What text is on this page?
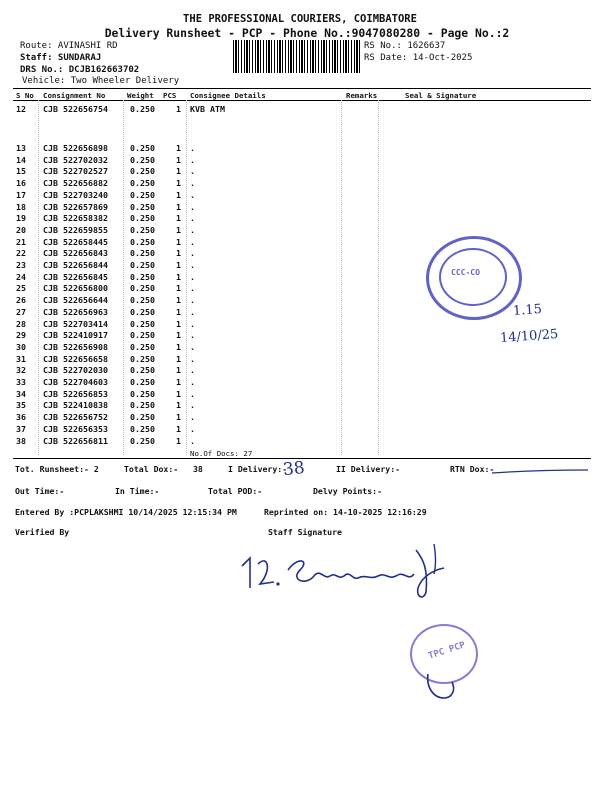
THE PROFESSIONAL COURIERS, COIMBATORE
Delivery Runsheet - PCP - Phone No.:9047080280 - Page No.:2
Route: AVINASHI RD
Staff: SUNDARAJ
DRS No.: DCJB162663702
Vehicle: Two Wheeler Delivery
RS No.: 1626637
RS Date: 14-Oct-2025
S No Consignment No	Weight PCS Consignee Details	Remarks	Seal & Signature
12 CJB 522656754	0.250	1 KVB ATM
13 CJB 522656898	0.250	1 .
14 CJB 522702032	0.250	1 .
15 CJB 522702527	0.250	1 .
16 CJB 522656882	0.250	1 .
17 CJB 522703240	0.250	1 .
18 CJB 522657869	0.250	1 .
19 CJB 522658382	0.250	1 .
20 CJB 522659855	0.250	1 .
21 CJB 522658445	0.250	1 .
22 CJB 522656843	0.250	1 .
23 CJB 522656844	0.250	1 .
24 CJB 522656845	0.250	1 .
25 CJB 522656800	0.250	1 .
26 CJB 522656644	0.250	1 .
27 CJB 522656963	0.250	1 .
28 CJB 522703414	0.250	1 .
29 CJB 522410917	0.250	1 .
30 CJB 522656908	0.250	1 .
31 CJB 522656658	0.250	1 .
32 CJB 522702030	0.250	1 .
33 CJB 522704603	0.250	1 .
34 CJB 522656853	0.250	1 .
35 CJB 522410838	0.250	1 .
36 CJB 522656752	0.250	1 .
37 CJB 522656353	0.250	1 .
38 CJB 522656811	0.250	1 .
No.Of Docs: 27
Tot. Runsheet:- 2	Total Dox:- 38	I Delivery:-	II Delivery:-	RTN Dox:-
Out Time:-	In Time:-	Total POD:-	Delvy Points:-
Entered By :PCPLAKSHMI 10/14/2025 12:15:34 PM	Reprinted on: 14-10-2025 12:16:29
Verified By	Staff Signature
38
1.15
14/10/25
CCC-CO
TPC PCP
